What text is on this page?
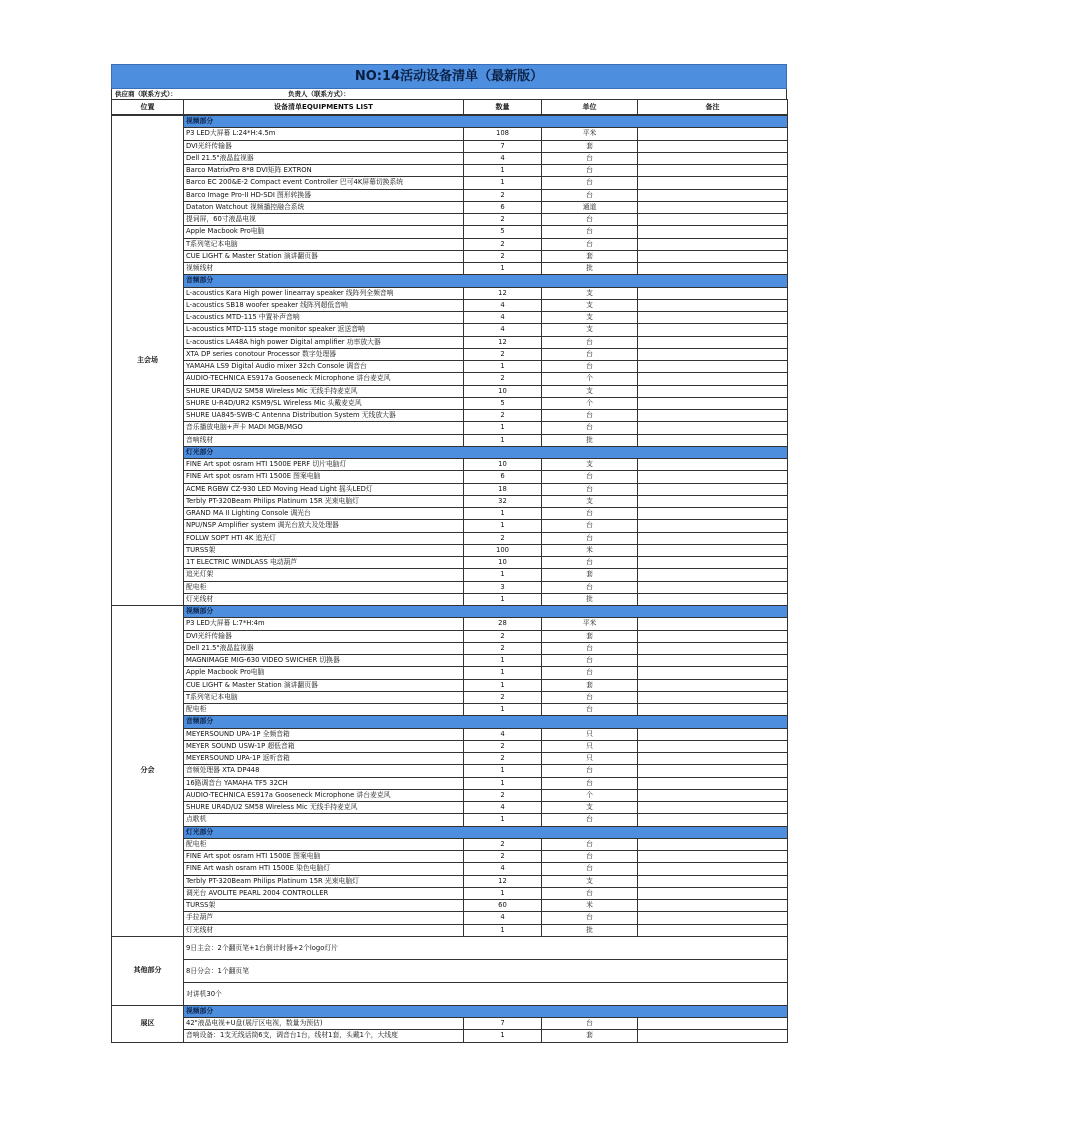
NO:14活动设备清单（最新版）
供应商（联系方式）：	负责人（联系方式）：
位置	设备清单EQUIPMENTS LIST	数量	单位	备注
主会场	视频部分			
	P3 LED大屏幕 L:24*H:4.5m	108	平米	
	DVI光纤传输器	7	套	
	Dell 21.5"液晶监视器	4	台	
	Barco MatrixPro 8*8 DVI矩阵 EXTRON	1	台	
	Barco EC 200&E-2 Compact event Controller 巴可4K屏幕切换系统	1	台	
	Barco Image Pro-II HD-SDI 图形转换器	2	台	
	Dataton Watchout 视频播控融合系统	6	通道	
	提词屏，60寸液晶电视	2	台	
	Apple Macbook Pro电脑	5	台	
	T系列笔记本电脑	2	台	
	CUE LIGHT & Master Station 演讲翻页器	2	套	
	视频线材	1	批	
	音频部分			
	L-acoustics Kara High power linearray speaker 线阵列全频音响	12	支	
	L-acoustics SB18 woofer speaker 线阵列超低音响	4	支	
	L-acoustics MTD-115 中置补声音响	4	支	
	L-acoustics MTD-115 stage monitor speaker 返送音响	4	支	
	L-acoustics LA48A high power Digital amplifier 功率放大器	12	台	
	XTA DP series conotour Processor 数字处理器	2	台	
	YAMAHA LS9 Digital Audio mixer 32ch Console 调音台	1	台	
	AUDIO-TECHNICA ES917a Gooseneck Microphone 讲台麦克风	2	个	
	SHURE UR4D/U2 SM58 Wireless Mic 无线手持麦克风	10	支	
	SHURE U-R4D/UR2 KSM9/SL Wireless Mic 头戴麦克风	5	个	
	SHURE UA845-SWB-C Antenna Distribution System 无线放大器	2	台	
	音乐播放电脑+声卡 MADI MGB/MGO	1	台	
	音响线材	1	批	
	灯光部分			
	FINE Art spot osram HTI 1500E PERF 切片电脑灯	10	支	
	FINE Art spot osram HTI 1500E 图案电脑	6	台	
	ACME RGBW CZ-930 LED Moving Head Light 摇头LED灯	18	台	
	Terbly PT-320Beam Philips Platinum 15R 光束电脑灯	32	支	
	GRAND MA II Lighting Console 调光台	1	台	
	NPU/NSP Amplifier system 调光台放大及处理器	1	台	
	FOLLW SOPT HTI 4K 追光灯	2	台	
	TURSS架	100	米	
	1T ELECTRIC WINDLASS 电动葫芦	10	台	
	追光灯架	1	套	
	配电柜	3	台	
	灯光线材	1	批	
分会	视频部分			
	P3 LED大屏幕 L:7*H:4m	28	平米	
	DVI光纤传输器	2	套	
	Dell 21.5"液晶监视器	2	台	
	MAGNIMAGE MIG-630 VIDEO SWICHER 切换器	1	台	
	Apple Macbook Pro电脑	1	台	
	CUE LIGHT & Master Station 演讲翻页器	1	套	
	T系列笔记本电脑	2	台	
	配电柜	1	台	
	音频部分			
	MEYERSOUND UPA-1P 全频音箱	4	只	
	MEYER SOUND USW-1P 超低音箱	2	只	
	MEYERSOUND UPA-1P 返听音箱	2	只	
	音频处理器 XTA DP448	1	台	
	16路调音台 YAMAHA TF5 32CH	1	台	
	AUDIO-TECHNICA ES917a Gooseneck Microphone 讲台麦克风	2	个	
	SHURE UR4D/U2 SM58 Wireless Mic 无线手持麦克风	4	支	
	点歌机	1	台	
	灯光部分			
	配电柜	2	台	
	FINE Art spot osram HTI 1500E 图案电脑	2	台	
	FINE Art wash osram HTI 1500E 染色电脑灯	4	台	
	Terbly PT-320Beam Philips Platinum 15R 光束电脑灯	12	支	
	调光台 AVOLITE PEARL 2004 CONTROLLER	1	台	
	TURSS架	60	米	
	手拉葫芦	4	台	
	灯光线材	1	批	
其他部分	9日主会：2个翻页笔+1台倒计时器+2个logo灯片			
	8日分会：1个翻页笔			
	对讲机30个			
展区	视频部分			
	42"液晶电视+U盘(展厅区电视，数量为预估)	7	台	
	音响设备：1支无线话筒6支，调音台1台，线材1套，头戴1个，大线度	1	套	
